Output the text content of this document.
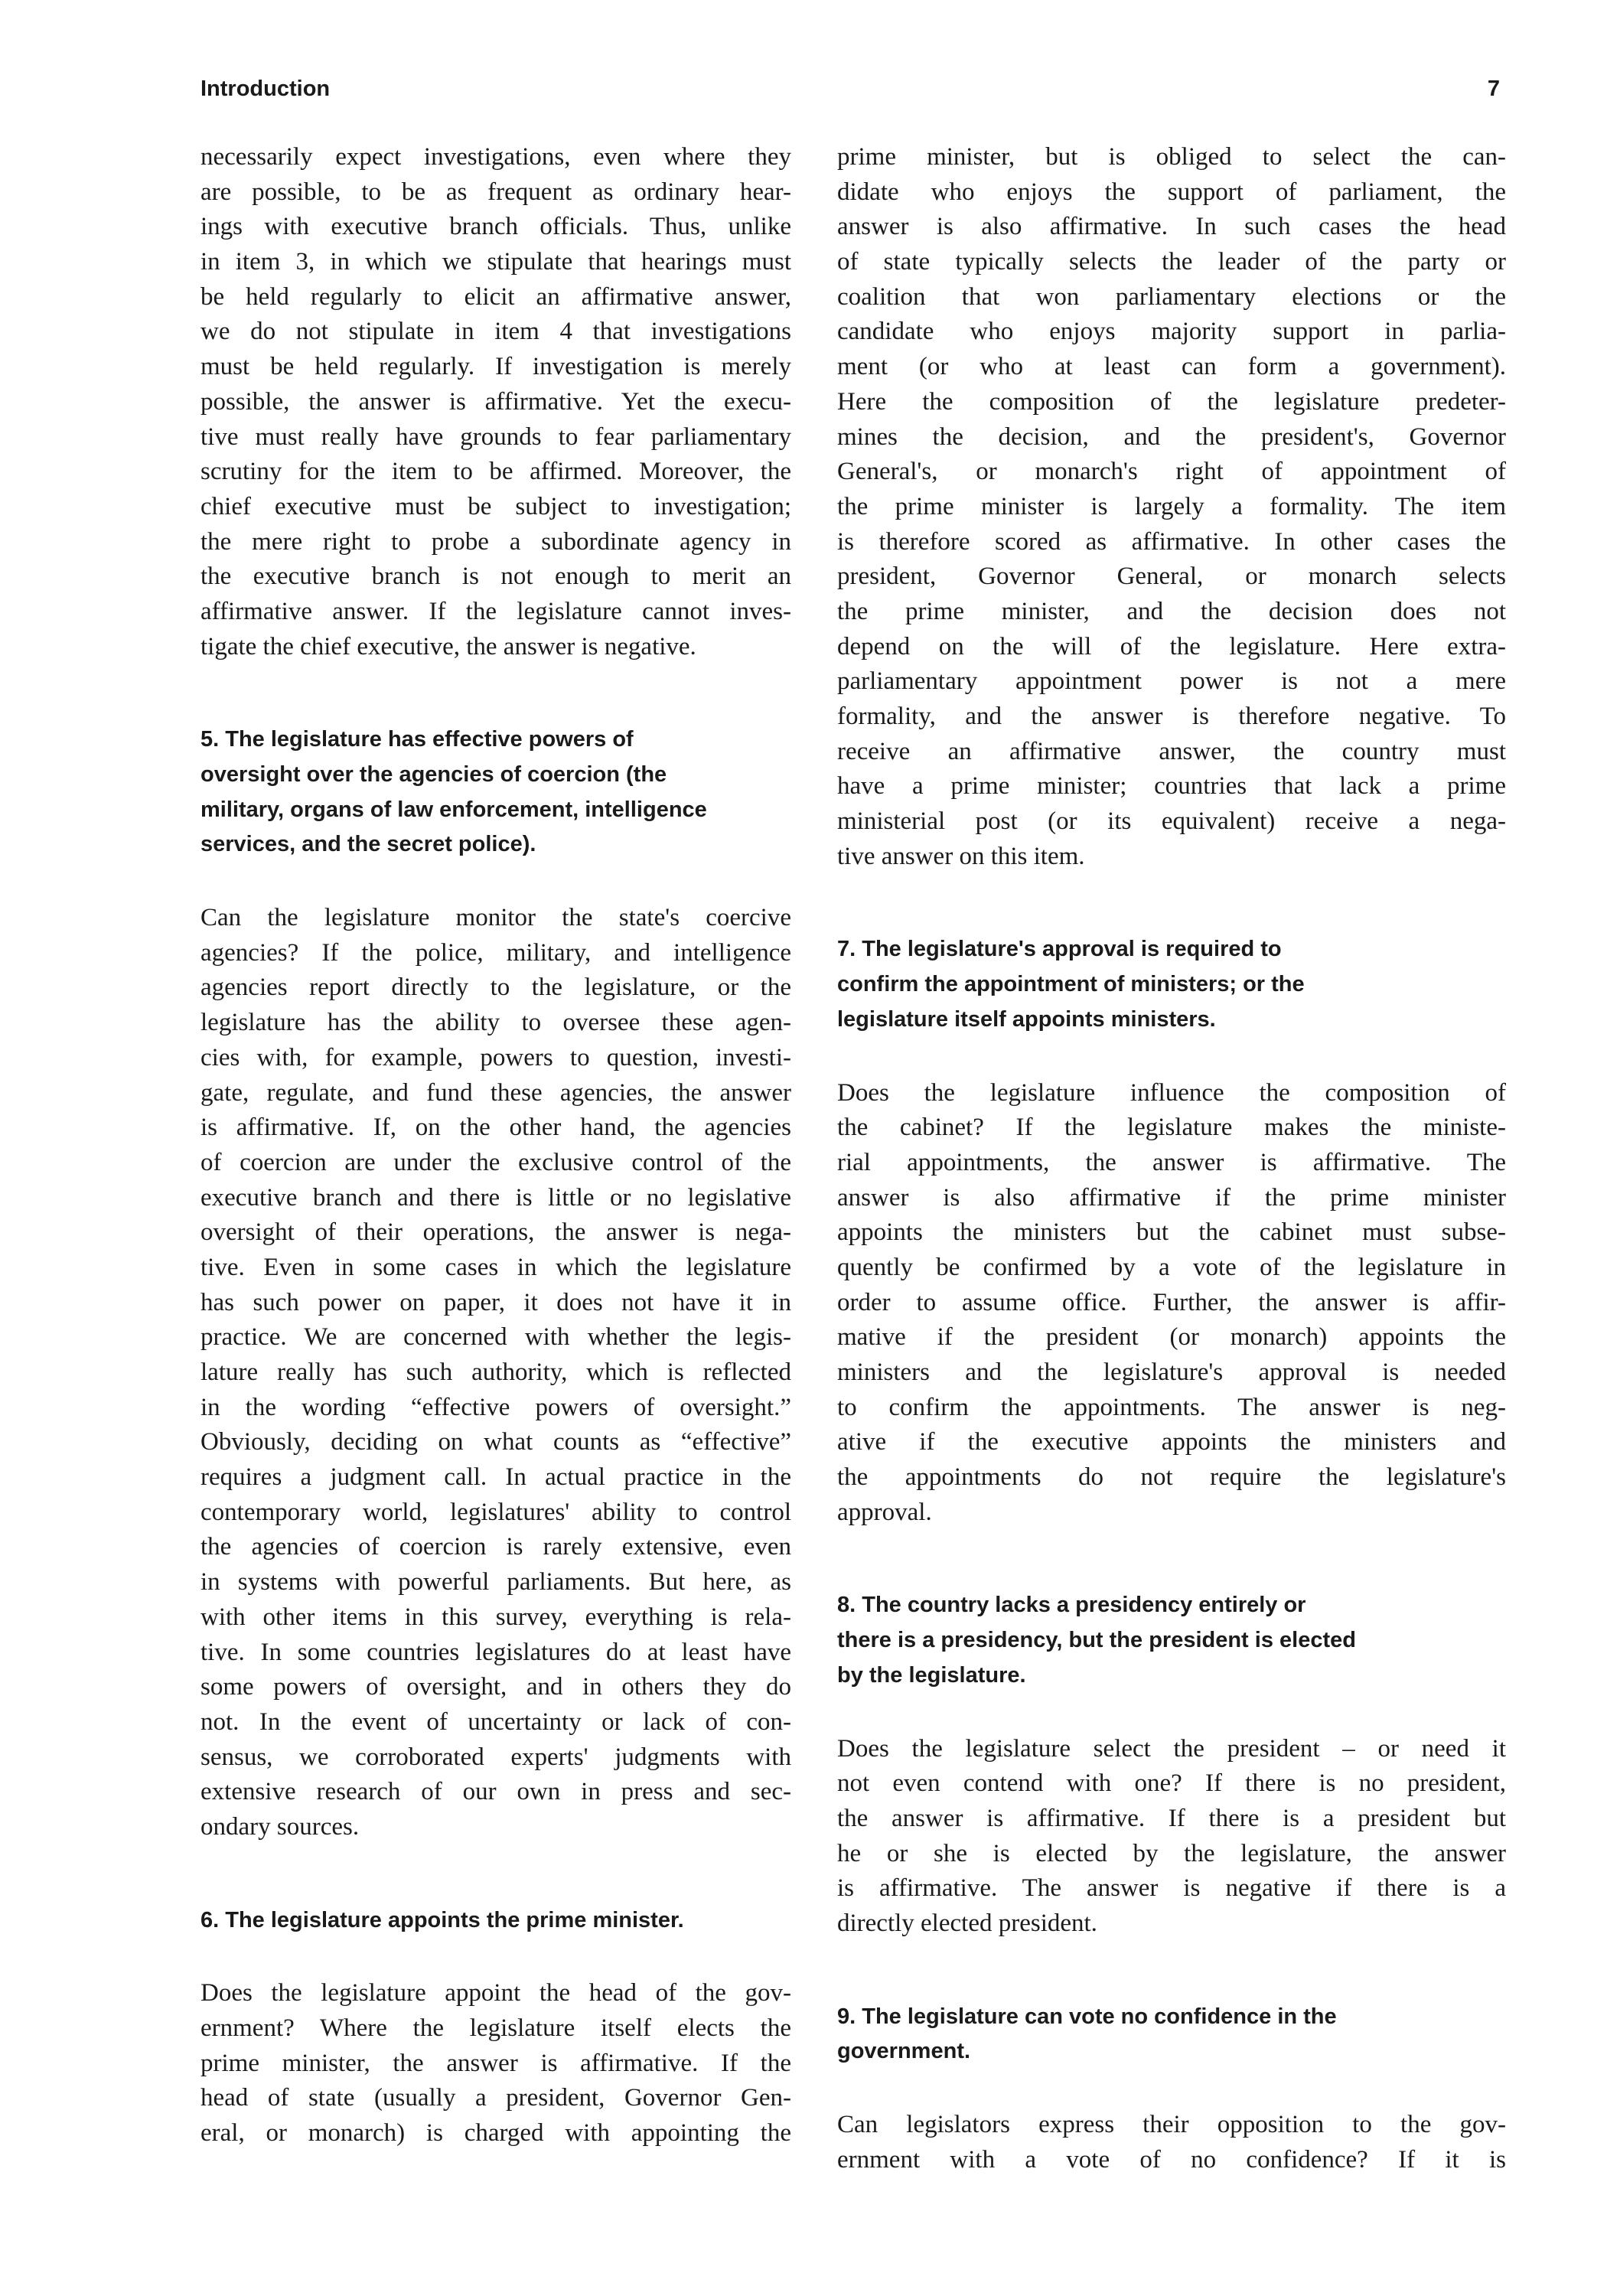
Introduction	7
necessarily expect investigations, even where they
are possible, to be as frequent as ordinary hear-
ings with executive branch officials. Thus, unlike
in item 3, in which we stipulate that hearings must
be held regularly to elicit an affirmative answer,
we do not stipulate in item 4 that investigations
must be held regularly. If investigation is merely
possible, the answer is affirmative. Yet the execu-
tive must really have grounds to fear parliamentary
scrutiny for the item to be affirmed. Moreover, the
chief executive must be subject to investigation;
the mere right to probe a subordinate agency in
the executive branch is not enough to merit an
affirmative answer. If the legislature cannot inves-
tigate the chief executive, the answer is negative.
5. The legislature has effective powers of
oversight over the agencies of coercion (the
military, organs of law enforcement, intelligence
services, and the secret police).
Can the legislature monitor the state's coercive
agencies? If the police, military, and intelligence
agencies report directly to the legislature, or the
legislature has the ability to oversee these agen-
cies with, for example, powers to question, investi-
gate, regulate, and fund these agencies, the answer
is affirmative. If, on the other hand, the agencies
of coercion are under the exclusive control of the
executive branch and there is little or no legislative
oversight of their operations, the answer is nega-
tive. Even in some cases in which the legislature
has such power on paper, it does not have it in
practice. We are concerned with whether the legis-
lature really has such authority, which is reflected
in the wording “effective powers of oversight.”
Obviously, deciding on what counts as “effective”
requires a judgment call. In actual practice in the
contemporary world, legislatures' ability to control
the agencies of coercion is rarely extensive, even
in systems with powerful parliaments. But here, as
with other items in this survey, everything is rela-
tive. In some countries legislatures do at least have
some powers of oversight, and in others they do
not. In the event of uncertainty or lack of con-
sensus, we corroborated experts' judgments with
extensive research of our own in press and sec-
ondary sources.
6. The legislature appoints the prime minister.
Does the legislature appoint the head of the gov-
ernment? Where the legislature itself elects the
prime minister, the answer is affirmative. If the
head of state (usually a president, Governor Gen-
eral, or monarch) is charged with appointing the
prime minister, but is obliged to select the can-
didate who enjoys the support of parliament, the
answer is also affirmative. In such cases the head
of state typically selects the leader of the party or
coalition that won parliamentary elections or the
candidate who enjoys majority support in parlia-
ment (or who at least can form a government).
Here the composition of the legislature predeter-
mines the decision, and the president's, Governor
General's, or monarch's right of appointment of
the prime minister is largely a formality. The item
is therefore scored as affirmative. In other cases the
president, Governor General, or monarch selects
the prime minister, and the decision does not
depend on the will of the legislature. Here extra-
parliamentary appointment power is not a mere
formality, and the answer is therefore negative. To
receive an affirmative answer, the country must
have a prime minister; countries that lack a prime
ministerial post (or its equivalent) receive a nega-
tive answer on this item.
7. The legislature's approval is required to
confirm the appointment of ministers; or the
legislature itself appoints ministers.
Does the legislature influence the composition of
the cabinet? If the legislature makes the ministe-
rial appointments, the answer is affirmative. The
answer is also affirmative if the prime minister
appoints the ministers but the cabinet must subse-
quently be confirmed by a vote of the legislature in
order to assume office. Further, the answer is affir-
mative if the president (or monarch) appoints the
ministers and the legislature's approval is needed
to confirm the appointments. The answer is neg-
ative if the executive appoints the ministers and
the appointments do not require the legislature's
approval.
8. The country lacks a presidency entirely or
there is a presidency, but the president is elected
by the legislature.
Does the legislature select the president – or need it
not even contend with one? If there is no president,
the answer is affirmative. If there is a president but
he or she is elected by the legislature, the answer
is affirmative. The answer is negative if there is a
directly elected president.
9. The legislature can vote no confidence in the
government.
Can legislators express their opposition to the gov-
ernment with a vote of no confidence? If it is
